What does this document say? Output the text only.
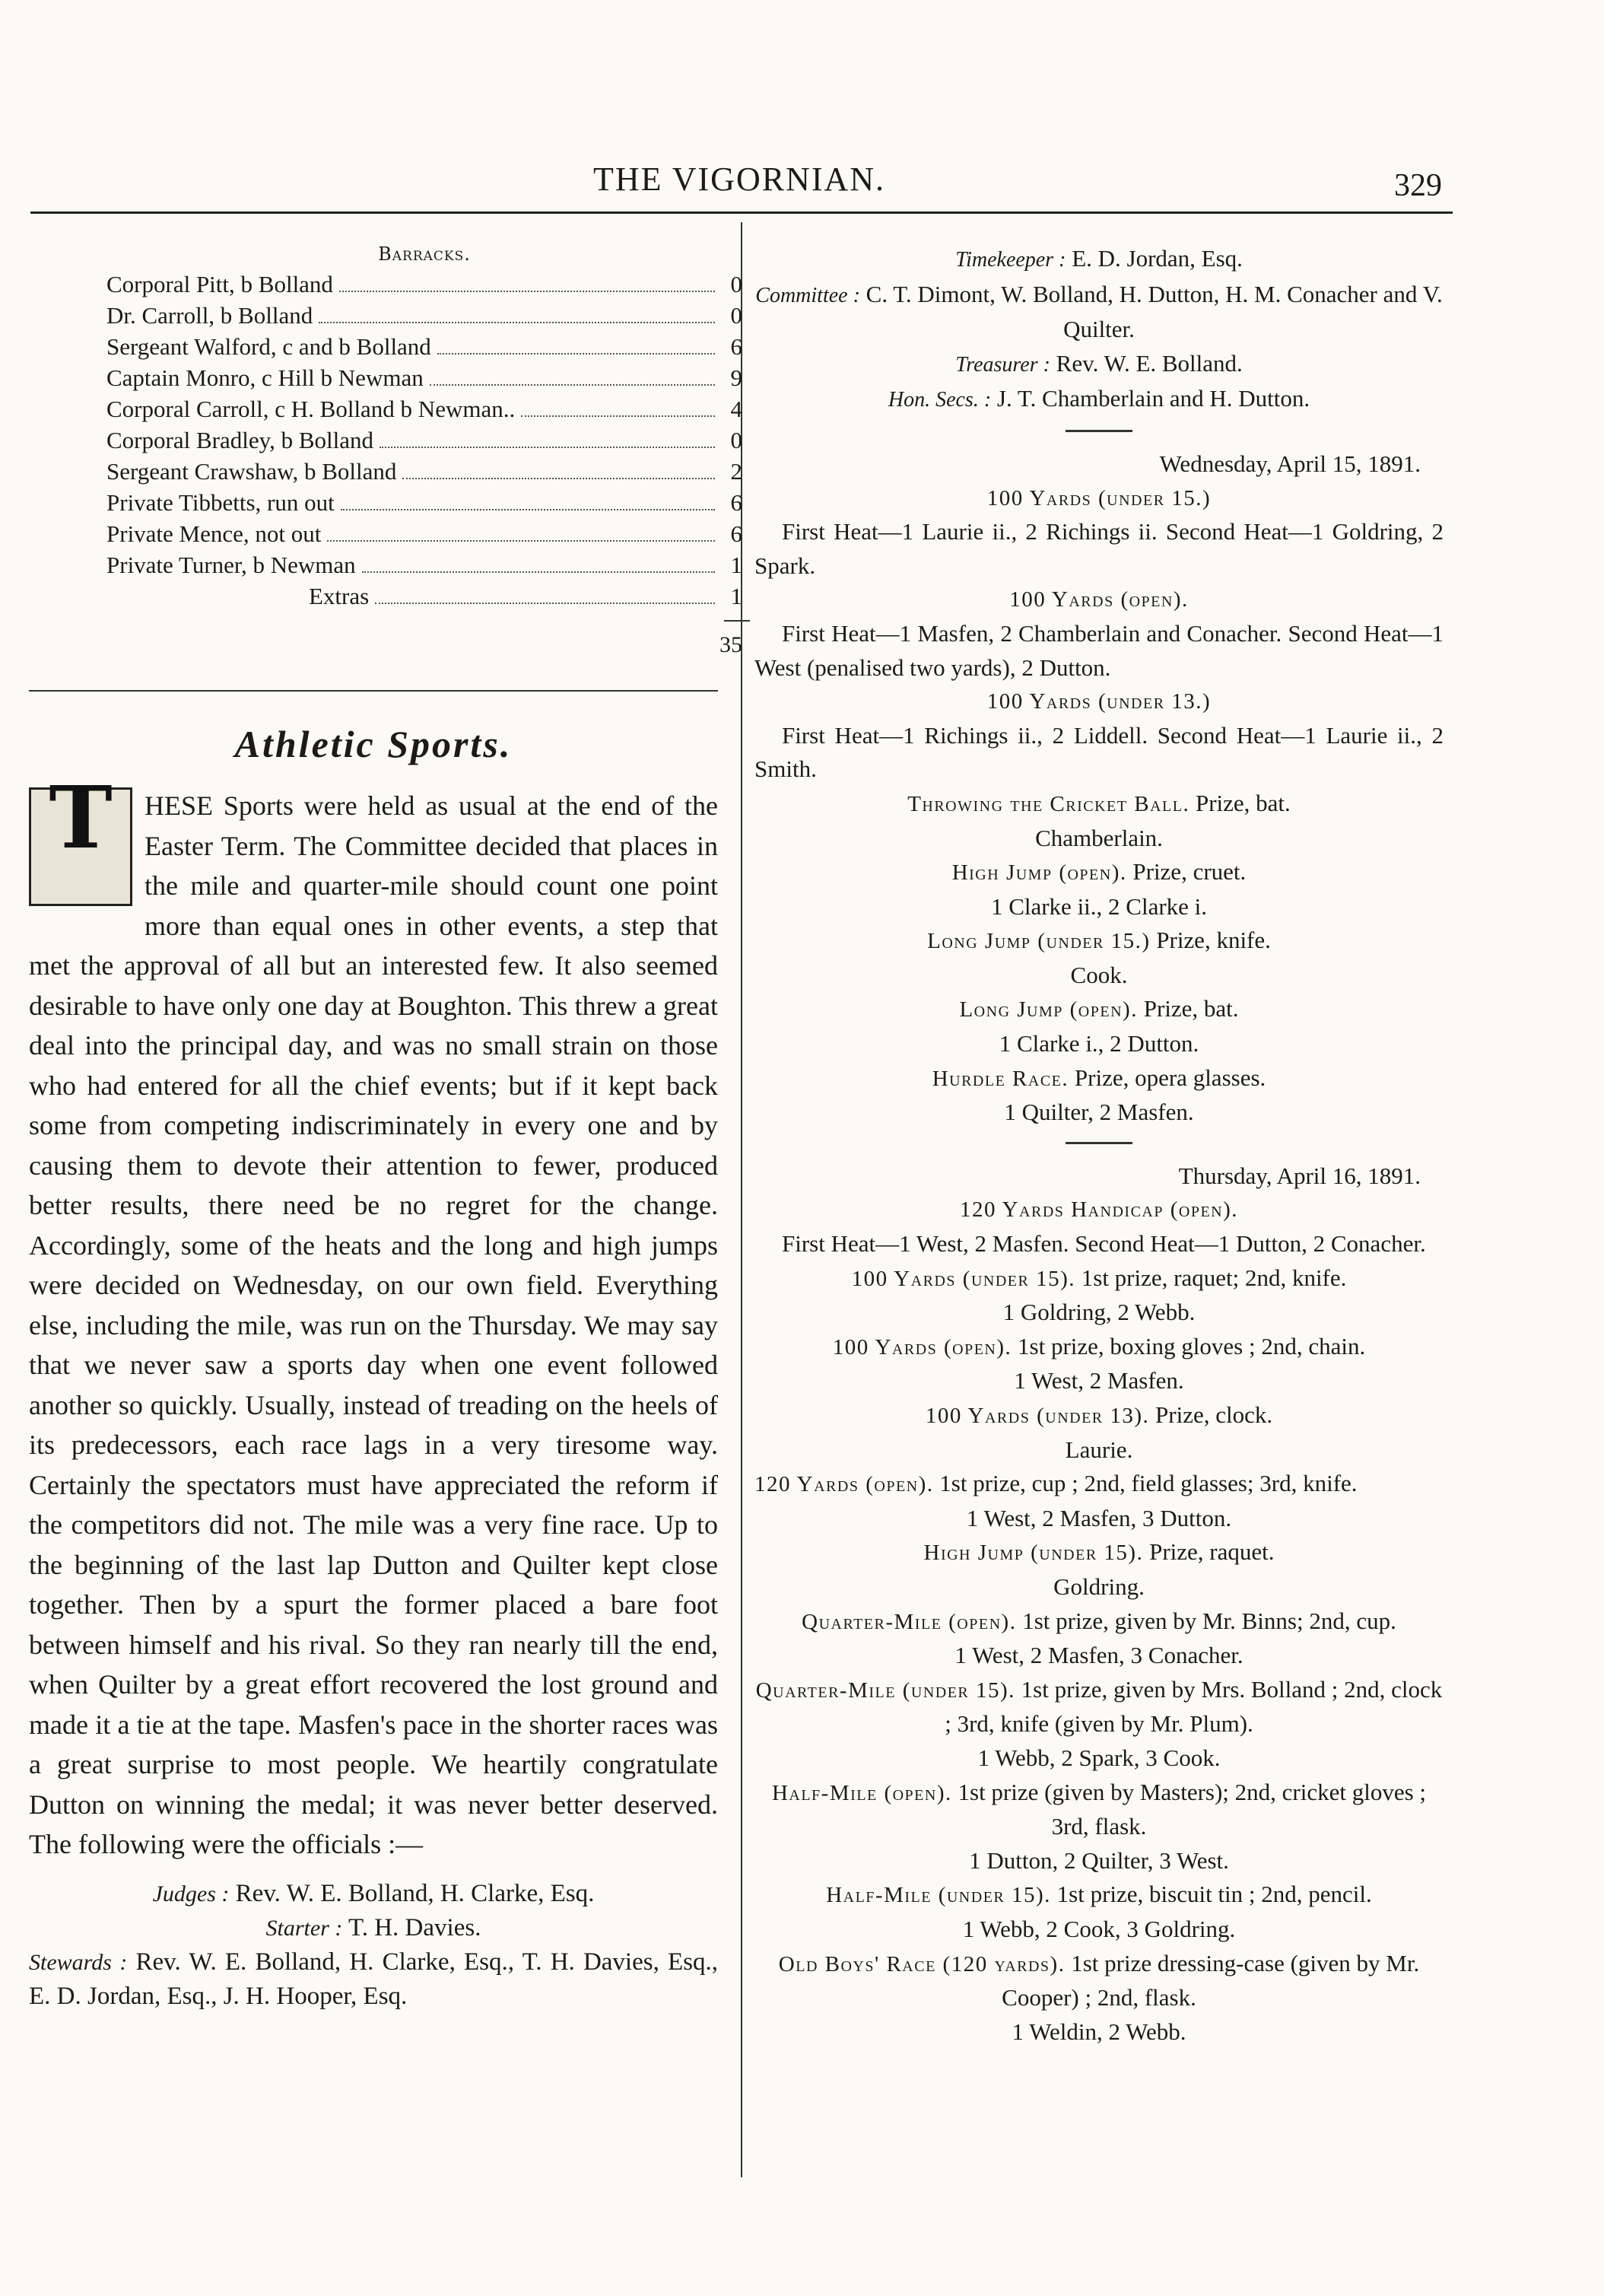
THE VIGORNIAN.	329
Barracks.
Corporal Pitt, b Bolland	0
Dr. Carroll, b Bolland	0
Sergeant Walford, c and b Bolland	6
Captain Monro, c Hill b Newman	9
Corporal Carroll, c H. Bolland b Newman..	4
Corporal Bradley, b Bolland	0
Sergeant Crawshaw, b Bolland	2
Private Tibbetts, run out	6
Private Mence, not out	6
Private Turner, b Newman	1
Extras	1
35
Athletic Sports.

T	HESE Sports were held as usual at the end of the Easter Term. The Committee decided that places in the mile and quarter-mile should count one point more than equal ones in other events, a step that met the approval of all but an interested few. It also seemed desirable to have only one day at Boughton. This threw a great deal into the principal day, and was no small strain on those who had entered for all the chief events; but if it kept back some from competing indiscriminately in every one and by causing them to devote their attention to fewer, produced better results, there need be no regret for the change. Accordingly, some of the heats and the long and high jumps were decided on Wednesday, on our own field. Everything else, including the mile, was run on the Thursday. We may say that we never saw a sports day when one event followed another so quickly. Usually, instead of treading on the heels of its predecessors, each race lags in a very tiresome way. Certainly the spectators must have appreciated the reform if the competitors did not. The mile was a very fine race. Up to the beginning of the last lap Dutton and Quilter kept close together. Then by a spurt the former placed a bare foot between himself and his rival. So they ran nearly till the end, when Quilter by a great effort recovered the lost ground and made it a tie at the tape. Masfen's pace in the shorter races was a great surprise to most people. We heartily congratulate Dutton on winning the medal; it was never better deserved. The following were the officials :—

Judges : Rev. W. E. Bolland, H. Clarke, Esq.
Starter : T. H. Davies.
Stewards : Rev. W. E. Bolland, H. Clarke, Esq., T. H. Davies, Esq., E. D. Jordan, Esq., J. H. Hooper, Esq.

Timekeeper : E. D. Jordan, Esq.

Committee : C. T. Dimont, W. Bolland, H. Dutton, H. M. Conacher and V. Quilter.

Treasurer : Rev. W. E. Bolland.

Hon. Secs. : J. T. Chamberlain and H. Dutton.

Wednesday, April 15, 1891.

100 Yards (under 15.)

First Heat—1 Laurie ii., 2 Richings ii. Second Heat—1 Goldring, 2 Spark.

100 Yards (open).

First Heat—1 Masfen, 2 Chamberlain and Conacher. Second Heat—1 West (penalised two yards), 2 Dutton.

100 Yards (under 13.)

First Heat—1 Richings ii., 2 Liddell. Second Heat—1 Laurie ii., 2 Smith.

Throwing the Cricket Ball. Prize, bat.

Chamberlain.

High Jump (open). Prize, cruet.

1 Clarke ii., 2 Clarke i.

Long Jump (under 15.) Prize, knife.

Cook.

Long Jump (open). Prize, bat.

1 Clarke i., 2 Dutton.

Hurdle Race. Prize, opera glasses.

1 Quilter, 2 Masfen.

Thursday, April 16, 1891.

120 Yards Handicap (open).

First Heat—1 West, 2 Masfen. Second Heat—1 Dutton, 2 Conacher.

100 Yards (under 15). 1st prize, raquet; 2nd, knife.

1 Goldring, 2 Webb.

100 Yards (open). 1st prize, boxing gloves ; 2nd, chain.

1 West, 2 Masfen.

100 Yards (under 13). Prize, clock.

Laurie.

120 Yards (open). 1st prize, cup ; 2nd, field glasses; 3rd, knife.

1 West, 2 Masfen, 3 Dutton.

High Jump (under 15). Prize, raquet.

Goldring.

Quarter-Mile (open). 1st prize, given by Mr. Binns; 2nd, cup.

1 West, 2 Masfen, 3 Conacher.

Quarter-Mile (under 15). 1st prize, given by Mrs. Bolland ; 2nd, clock ; 3rd, knife (given by Mr. Plum).

1 Webb, 2 Spark, 3 Cook.

Half-Mile (open). 1st prize (given by Masters); 2nd, cricket gloves ; 3rd, flask.

1 Dutton, 2 Quilter, 3 West.

Half-Mile (under 15). 1st prize, biscuit tin ; 2nd, pencil.

1 Webb, 2 Cook, 3 Goldring.

Old Boys' Race (120 yards). 1st prize dressing-case (given by Mr. Cooper) ; 2nd, flask.

1 Weldin, 2 Webb.
